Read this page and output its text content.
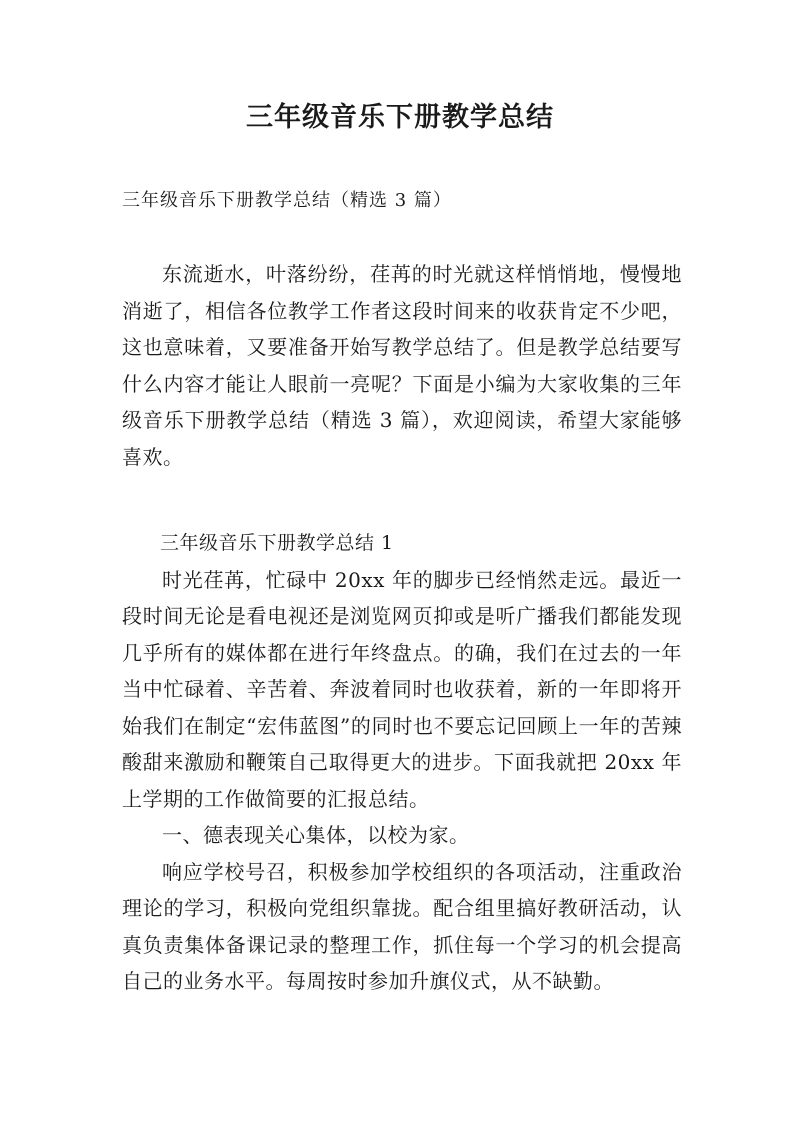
三年级音乐下册教学总结
三年级音乐下册教学总结（精选 3 篇）

东流逝水，叶落纷纷，荏苒的时光就这样悄悄地，慢慢地消逝了，相信各位教学工作者这段时间来的收获肯定不少吧，这也意味着，又要准备开始写教学总结了。但是教学总结要写什么内容才能让人眼前一亮呢？下面是小编为大家收集的三年级音乐下册教学总结（精选 3 篇），欢迎阅读，希望大家能够喜欢。

三年级音乐下册教学总结 1

时光荏苒，忙碌中 20xx 年的脚步已经悄然走远。最近一段时间无论是看电视还是浏览网页抑或是听广播我们都能发现几乎所有的媒体都在进行年终盘点。的确，我们在过去的一年当中忙碌着、辛苦着、奔波着同时也收获着，新的一年即将开始我们在制定“宏伟蓝图”的同时也不要忘记回顾上一年的苦辣酸甜来激励和鞭策自己取得更大的进步。下面我就把 20xx 年上学期的工作做简要的汇报总结。

一、德表现关心集体，以校为家。

响应学校号召，积极参加学校组织的各项活动，注重政治理论的学习，积极向党组织靠拢。配合组里搞好教研活动，认真负责集体备课记录的整理工作，抓住每一个学习的机会提高自己的业务水平。每周按时参加升旗仪式，从不缺勤。
